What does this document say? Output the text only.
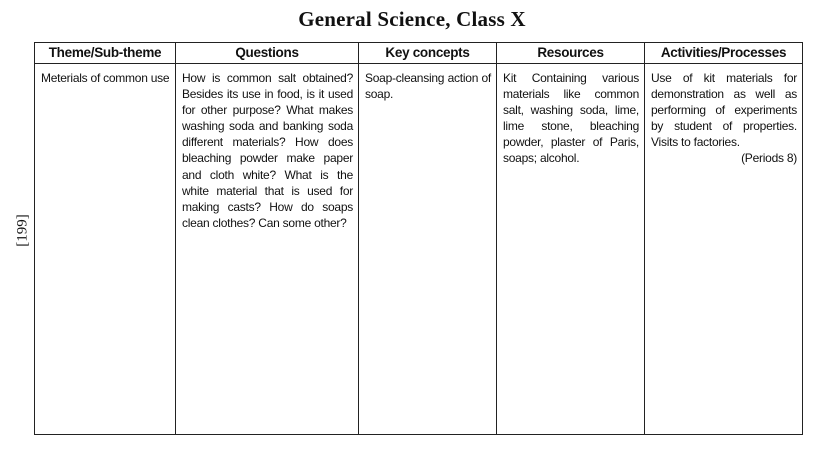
General Science, Class X
[199]
Theme/Sub-theme	Questions	Key concepts	Resources	Activities/Processes
Meterials of common use	How is common salt obtained? Besides its use in food, is it used for other purpose? What makes washing soda and banking soda different materials? How does bleaching powder make paper and cloth white? What is the white material that is used for making casts? How do soaps clean clothes? Can some other?	Soap-cleansing action of soap.	Kit Containing various materials like common salt, washing soda, lime, lime stone, bleaching powder, plaster of Paris, soaps; alcohol.	Use of kit materials for demonstration as well as performing of experiments by student of properties. Visits to factories.
(Periods 8)
